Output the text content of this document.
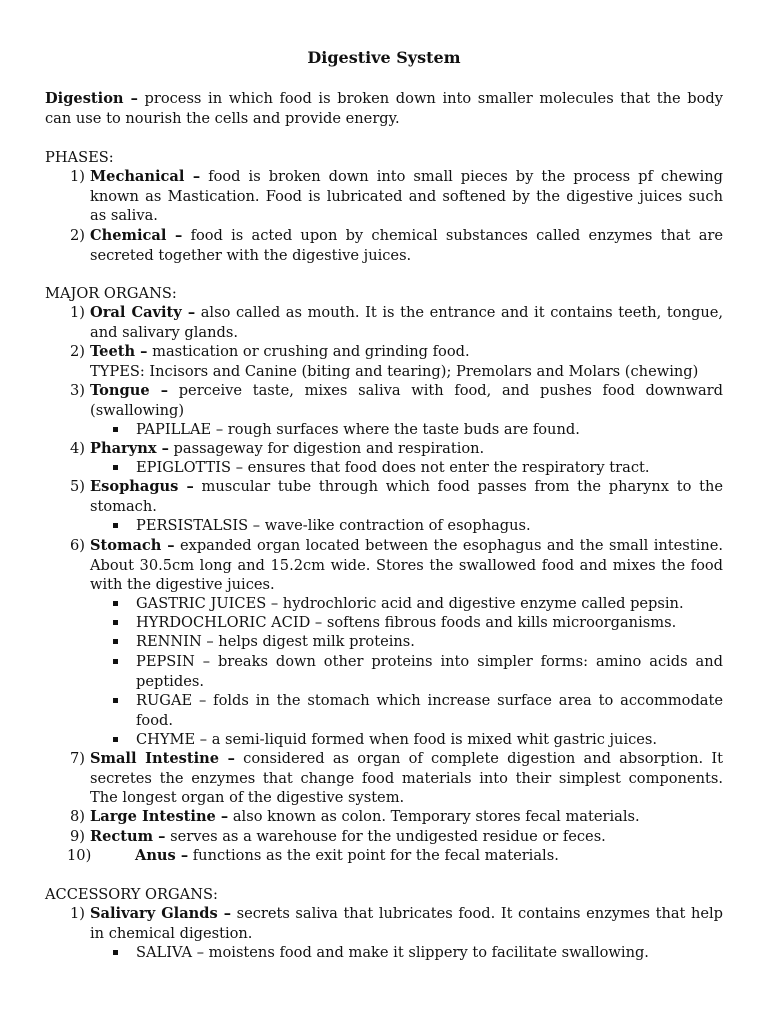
Digestive System
Digestion – process in which food is broken down into smaller molecules that the body can use to nourish the cells and provide energy.
PHASES:
1) Mechanical – food is broken down into small pieces by the process pf chewing known as Mastication. Food is lubricated and softened by the digestive juices such as saliva.
2) Chemical – food is acted upon by chemical substances called enzymes that are secreted together with the digestive juices.
MAJOR ORGANS:
1) Oral Cavity – also called as mouth. It is the entrance and it contains teeth, tongue, and salivary glands.
2) Teeth – mastication or crushing and grinding food.
TYPES: Incisors and Canine (biting and tearing); Premolars and Molars (chewing)
3) Tongue – perceive taste, mixes saliva with food, and pushes food downward (swallowing)
PAPILLAE – rough surfaces where the taste buds are found.
4) Pharynx – passageway for digestion and respiration.
EPIGLOTTIS – ensures that food does not enter the respiratory tract.
5) Esophagus – muscular tube through which food passes from the pharynx to the stomach.
PERSISTALSIS – wave-like contraction of esophagus.
6) Stomach – expanded organ located between the esophagus and the small intestine. About 30.5cm long and 15.2cm wide. Stores the swallowed food and mixes the food with the digestive juices.
GASTRIC JUICES – hydrochloric acid and digestive enzyme called pepsin.
HYRDOCHLORIC ACID – softens fibrous foods and kills microorganisms.
RENNIN – helps digest milk proteins.
PEPSIN – breaks down other proteins into simpler forms: amino acids and peptides.
RUGAE – folds in the stomach which increase surface area to accommodate food.
CHYME – a semi-liquid formed when food is mixed whit gastric juices.
7) Small Intestine – considered as organ of complete digestion and absorption. It secretes the enzymes that change food materials into their simplest components. The longest organ of the digestive system.
8) Large Intestine – also known as colon. Temporary stores fecal materials.
9) Rectum – serves as a warehouse for the undigested residue or feces.
10)	Anus – functions as the exit point for the fecal materials.
ACCESSORY ORGANS:
1) Salivary Glands – secrets saliva that lubricates food. It contains enzymes that help in chemical digestion.
SALIVA – moistens food and make it slippery to facilitate swallowing.
